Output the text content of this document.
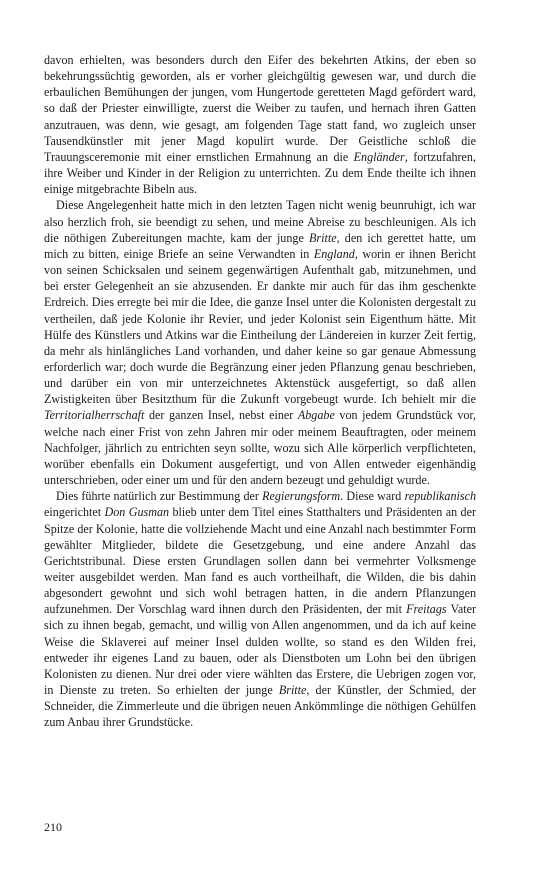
davon erhielten, was besonders durch den Eifer des bekehrten Atkins, der eben so bekehrungssüchtig geworden, als er vorher gleichgültig gewesen war, und durch die erbaulichen Bemühungen der jungen, vom Hungertode geretteten Magd gefördert ward, so daß der Priester einwilligte, zuerst die Weiber zu taufen, und hernach ihren Gatten anzutrauen, was denn, wie gesagt, am folgenden Tage statt fand, wo zugleich unser Tausendkünstler mit jener Magd kopulirt wurde. Der Geistliche schloß die Trauungsceremonie mit einer ernstlichen Ermahnung an die Engländer, fortzufahren, ihre Weiber und Kinder in der Religion zu unterrichten. Zu dem Ende theilte ich ihnen einige mitgebrachte Bibeln aus.

Diese Angelegenheit hatte mich in den letzten Tagen nicht wenig beunruhigt, ich war also herzlich froh, sie beendigt zu sehen, und meine Abreise zu beschleunigen. Als ich die nöthigen Zubereitungen machte, kam der junge Britte, den ich gerettet hatte, um mich zu bitten, einige Briefe an seine Verwandten in England, worin er ihnen Bericht von seinen Schicksalen und seinem gegenwärtigen Aufenthalt gab, mitzunehmen, und bei erster Gelegenheit an sie abzusenden. Er dankte mir auch für das ihm geschenkte Erdreich. Dies erregte bei mir die Idee, die ganze Insel unter die Kolonisten dergestalt zu vertheilen, daß jede Kolonie ihr Revier, und jeder Kolonist sein Eigenthum hätte. Mit Hülfe des Künstlers und Atkins war die Eintheilung der Ländereien in kurzer Zeit fertig, da mehr als hinlängliches Land vorhanden, und daher keine so gar genaue Abmessung erforderlich war; doch wurde die Begränzung einer jeden Pflanzung genau beschrieben, und darüber ein von mir unterzeichnetes Aktenstück ausgefertigt, so daß allen Zwistigkeiten über Besitzthum für die Zukunft vorgebeugt wurde. Ich behielt mir die Territorialherrschaft der ganzen Insel, nebst einer Abgabe von jedem Grundstück vor, welche nach einer Frist von zehn Jahren mir oder meinem Beauftragten, oder meinem Nachfolger, jährlich zu entrichten seyn sollte, wozu sich Alle körperlich verpflichteten, worüber ebenfalls ein Dokument ausgefertigt, und von Allen entweder eigenhändig unterschrieben, oder einer um und für den andern bezeugt und gehuldigt wurde.

Dies führte natürlich zur Bestimmung der Regierungsform. Diese ward republikanisch eingerichtet Don Gusman blieb unter dem Titel eines Statthalters und Präsidenten an der Spitze der Kolonie, hatte die vollziehende Macht und eine Anzahl nach bestimmter Form gewählter Mitglieder, bildete die Gesetzgebung, und eine andere Anzahl das Gerichtstribunal. Diese ersten Grundlagen sollen dann bei vermehrter Volksmenge weiter ausgebildet werden. Man fand es auch vortheilhaft, die Wilden, die bis dahin abgesondert gewohnt und sich wohl betragen hatten, in die andern Pflanzungen aufzunehmen. Der Vorschlag ward ihnen durch den Präsidenten, der mit Freitags Vater sich zu ihnen begab, gemacht, und willig von Allen angenommen, und da ich auf keine Weise die Sklaverei auf meiner Insel dulden wollte, so stand es den Wilden frei, entweder ihr eigenes Land zu bauen, oder als Dienstboten um Lohn bei den übrigen Kolonisten zu dienen. Nur drei oder viere wählten das Erstere, die Uebrigen zogen vor, in Dienste zu treten. So erhielten der junge Britte, der Künstler, der Schmied, der Schneider, die Zimmerleute und die übrigen neuen Ankömmlinge die nöthigen Gehülfen zum Anbau ihrer Grundstücke.

210
